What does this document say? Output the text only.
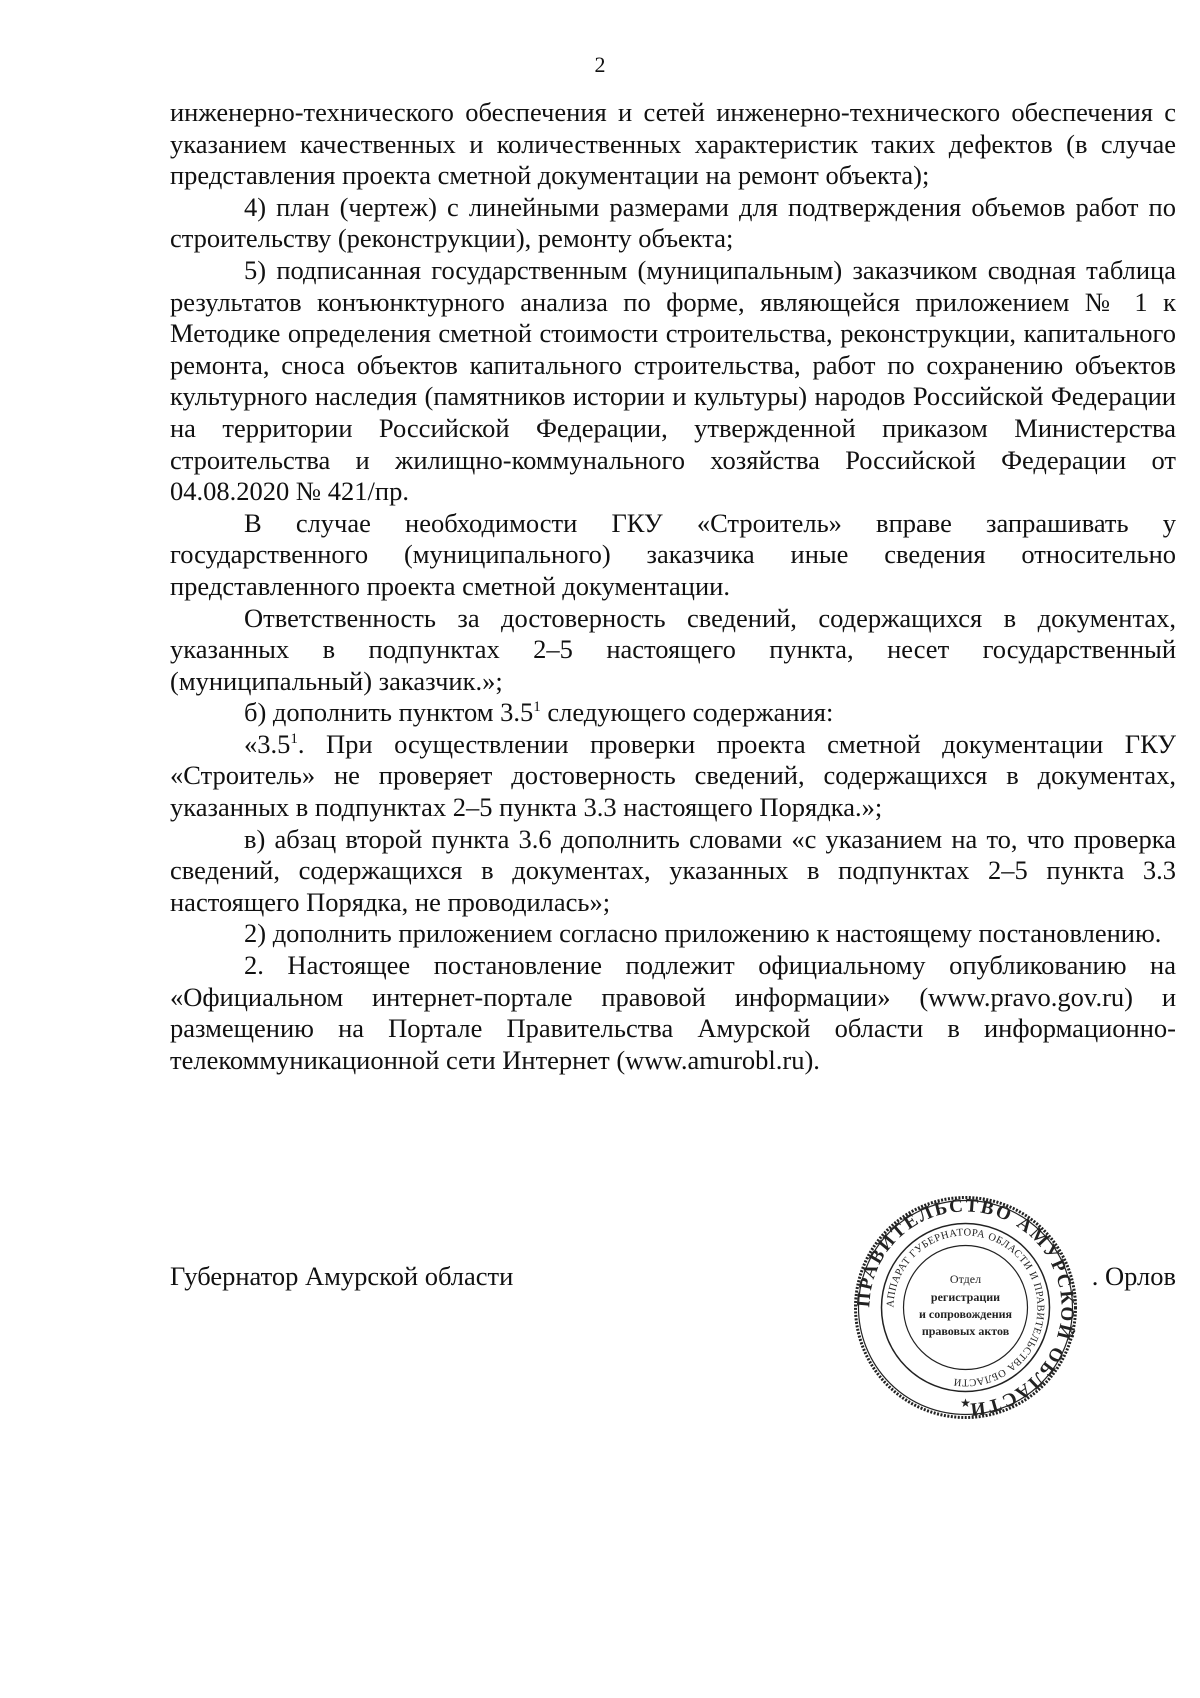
2

инженерно-технического обеспечения и сетей инженерно-технического обеспечения с указанием качественных и количественных характеристик таких дефектов (в случае представления проекта сметной документации на ремонт объекта);

4) план (чертеж) с линейными размерами для подтверждения объемов работ по строительству (реконструкции), ремонту объекта;

5) подписанная государственным (муниципальным) заказчиком сводная таблица результатов конъюнктурного анализа по форме, являющейся приложением № 1 к Методике определения сметной стоимости строительства, реконструкции, капитального ремонта, сноса объектов капитального строительства, работ по сохранению объектов культурного наследия (памятников истории и культуры) народов Российской Федерации на территории Российской Федерации, утвержденной приказом Министерства строительства и жилищно-коммунального хозяйства Российской Федерации от 04.08.2020 № 421/пр.

В случае необходимости ГКУ «Строитель» вправе запрашивать у государственного (муниципального) заказчика иные сведения относительно представленного проекта сметной документации.

Ответственность за достоверность сведений, содержащихся в документах, указанных в подпунктах 2–5 настоящего пункта, несет государственный (муниципальный) заказчик.»;

б) дополнить пунктом $3.5^1$ следующего содержания:

«$3.5^1$. При осуществлении проверки проекта сметной документации ГКУ «Строитель» не проверяет достоверность сведений, содержащихся в документах, указанных в подпунктах 2–5 пункта 3.3 настоящего Порядка.»;

в) абзац второй пункта 3.6 дополнить словами «с указанием на то, что проверка сведений, содержащихся в документах, указанных в подпунктах 2–5 пункта 3.3 настоящего Порядка, не проводилась»;

2) дополнить приложением согласно приложению к настоящему постановлению.

2. Настоящее постановление подлежит официальному опубликованию на «Официальном интернет-портале правовой информации» (www.pravo.gov.ru) и размещению на Портале Правительства Амурской области в информационно-телекоммуникационной сети Интернет (www.amurobl.ru).

Губернатор Амурской области	. Орлов
ПРАВИТЕЛЬСТВО АМУРСКОЙ ОБЛАСТИ
АППАРАТ ГУБЕРНАТОРА ОБЛАСТИ И ПРАВИТЕЛЬСТВА ОБЛАСТИ
Отдел
регистрации
и сопровождения
правовых актов
★
